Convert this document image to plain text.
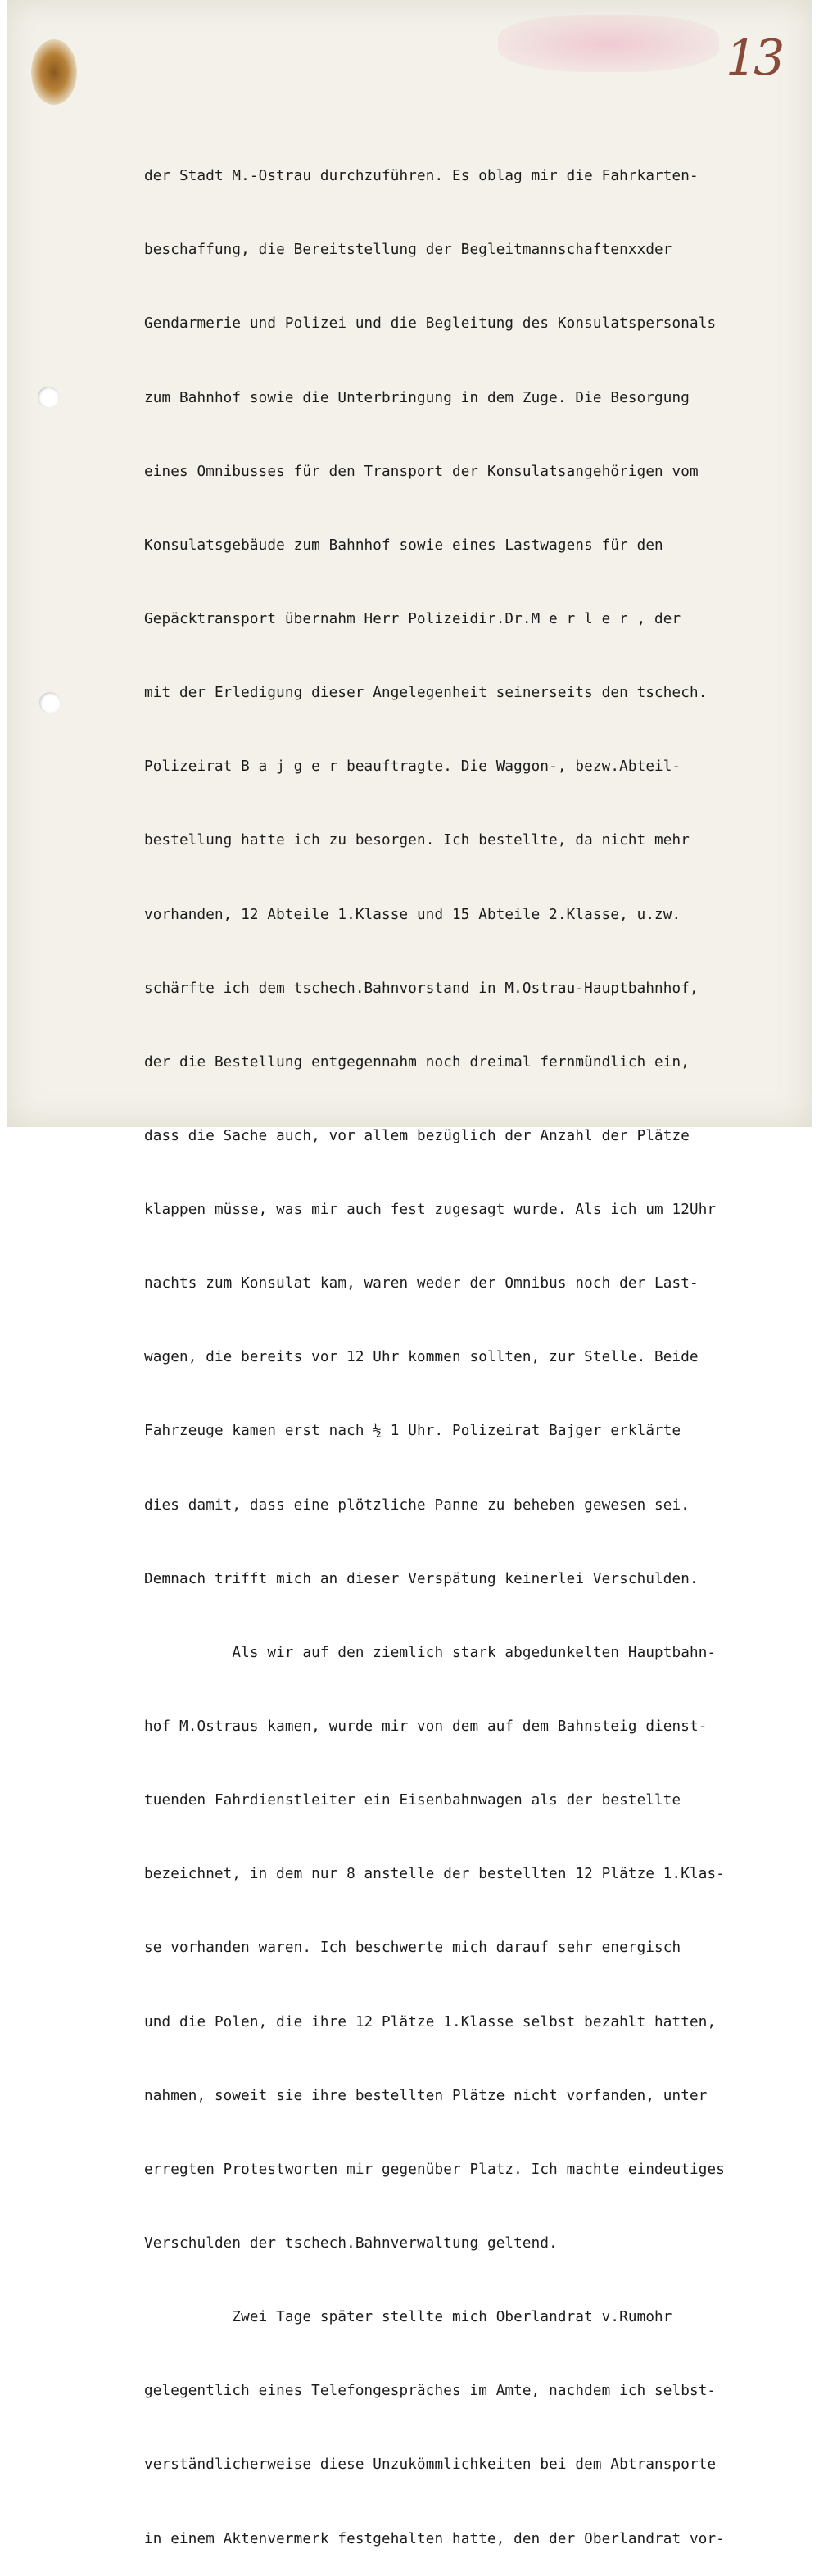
13

der Stadt M.-Ostrau durchzuführen. Es oblag mir die Fahrkarten-

beschaffung, die Bereitstellung der Begleitmannschaftenxxder

Gendarmerie und Polizei und die Begleitung des Konsulatspersonals

zum Bahnhof sowie die Unterbringung in dem Zuge. Die Besorgung

eines Omnibusses für den Transport der Konsulatsangehörigen vom

Konsulatsgebäude zum Bahnhof sowie eines Lastwagens für den

Gepäcktransport übernahm Herr Polizeidir.Dr.M e r l e r , der

mit der Erledigung dieser Angelegenheit seinerseits den tschech.

Polizeirat B a j g e r beauftragte. Die Waggon-, bezw.Abteil-

bestellung hatte ich zu besorgen. Ich bestellte, da nicht mehr

vorhanden, 12 Abteile 1.Klasse und 15 Abteile 2.Klasse, u.zw.

schärfte ich dem tschech.Bahnvorstand in M.Ostrau-Hauptbahnhof,

der die Bestellung entgegennahm noch dreimal fernmündlich ein,

dass die Sache auch, vor allem bezüglich der Anzahl der Plätze

klappen müsse, was mir auch fest zugesagt wurde. Als ich um 12Uhr

nachts zum Konsulat kam, waren weder der Omnibus noch der Last-

wagen, die bereits vor 12 Uhr kommen sollten, zur Stelle. Beide

Fahrzeuge kamen erst nach ½ 1 Uhr. Polizeirat Bajger erklärte

dies damit, dass eine plötzliche Panne zu beheben gewesen sei.

Demnach trifft mich an dieser Verspätung keinerlei Verschulden.

Als wir auf den ziemlich stark abgedunkelten Hauptbahn-

hof M.Ostraus kamen, wurde mir von dem auf dem Bahnsteig dienst-

tuenden Fahrdienstleiter ein Eisenbahnwagen als der bestellte

bezeichnet, in dem nur 8 anstelle der bestellten 12 Plätze 1.Klas-

se vorhanden waren. Ich beschwerte mich darauf sehr energisch

und die Polen, die ihre 12 Plätze 1.Klasse selbst bezahlt hatten,

nahmen, soweit sie ihre bestellten Plätze nicht vorfanden, unter

erregten Protestworten mir gegenüber Platz. Ich machte eindeutiges

Verschulden der tschech.Bahnverwaltung geltend.

Zwei Tage später stellte mich Oberlandrat v.Rumohr

gelegentlich eines Telefongespräches im Amte, nachdem ich selbst-

verständlicherweise diese Unzukömmlichkeiten bei dem Abtransporte

in einem Aktenvermerk festgehalten hatte, den der Oberlandrat vor-
